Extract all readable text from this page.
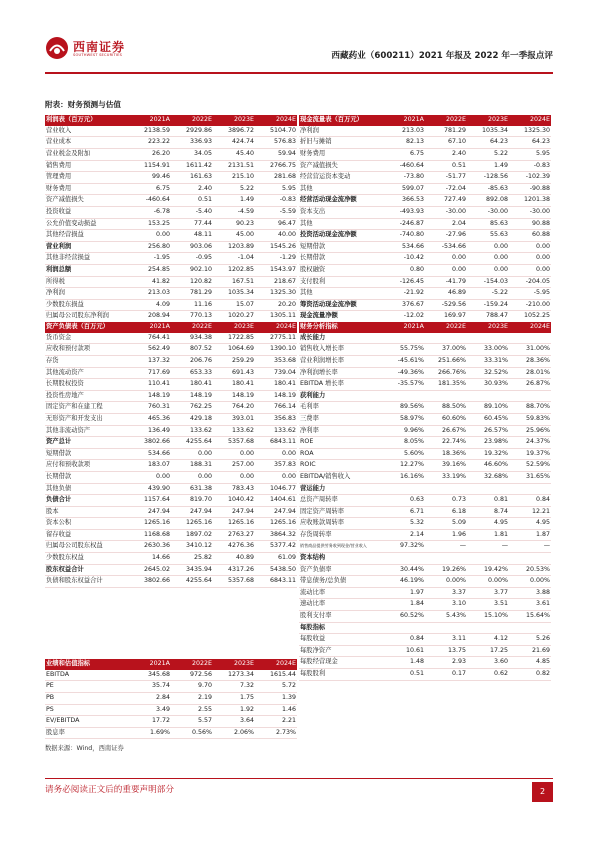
西南证券
SOUTHWEST SECURITIES	西藏药业（600211）2021 年报及 2022 年一季报点评
附表：财务预测与估值
利润表（百万元）	2021A	2022E	2023E	2024E
营业收入	2138.59	2929.86	3896.72	5104.70
营业成本	223.22	336.93	424.74	576.83
营业税金及附加	26.20	34.05	45.40	59.94
销售费用	1154.91	1611.42	2131.51	2766.75
管理费用	99.46	161.63	215.10	281.68
财务费用	6.75	2.40	5.22	5.95
资产减值损失	-460.64	0.51	1.49	-0.83
投资收益	-6.78	-5.40	-4.59	-5.59
公允价值变动损益	153.25	77.44	90.23	96.47
其他经营损益	0.00	48.11	45.00	40.00
营业利润	256.80	903.06	1203.89	1545.26
其他非经营损益	-1.95	-0.95	-1.04	-1.29
利润总额	254.85	902.10	1202.85	1543.97
所得税	41.82	120.82	167.51	218.67
净利润	213.03	781.29	1035.34	1325.30
少数股东损益	4.09	11.16	15.07	20.20
归属母公司股东净利润	208.94	770.13	1020.27	1305.11
现金流量表（百万元）	2021A	2022E	2023E	2024E
净利润	213.03	781.29	1035.34	1325.30
折旧与摊销	82.13	67.10	64.23	64.23
财务费用	6.75	2.40	5.22	5.95
资产减值损失	-460.64	0.51	1.49	-0.83
经营营运资本变动	-73.80	-51.77	-128.56	-102.39
其他	599.07	-72.04	-85.63	-90.88
经营活动现金流净额	366.53	727.49	892.08	1201.38
资本支出	-493.93	-30.00	-30.00	-30.00
其他	-246.87	2.04	85.63	90.88
投资活动现金流净额	-740.80	-27.96	55.63	60.88
短期借款	534.66	-534.66	0.00	0.00
长期借款	-10.42	0.00	0.00	0.00
股权融资	0.80	0.00	0.00	0.00
支付股利	-126.45	-41.79	-154.03	-204.05
其他	-21.92	46.89	-5.22	-5.95
筹资活动现金流净额	376.67	-529.56	-159.24	-210.00
现金流量净额	-12.02	169.97	788.47	1052.25
资产负债表（百万元）	2021A	2022E	2023E	2024E
货币资金	764.41	934.38	1722.85	2775.11
应收和预付款项	562.49	807.52	1064.69	1390.10
存货	137.32	206.76	259.29	353.68
其他流动资产	717.69	653.33	691.43	739.04
长期股权投资	110.41	180.41	180.41	180.41
投资性房地产	148.19	148.19	148.19	148.19
固定资产和在建工程	760.31	762.25	764.20	766.14
无形资产和开发支出	465.36	429.18	393.01	356.83
其他非流动资产	136.49	133.62	133.62	133.62
资产总计	3802.66	4255.64	5357.68	6843.11
短期借款	534.66	0.00	0.00	0.00
应付和预收款项	183.07	188.31	257.00	357.83
长期借款	0.00	0.00	0.00	0.00
其他负债	439.90	631.38	783.43	1046.77
负债合计	1157.64	819.70	1040.42	1404.61
股本	247.94	247.94	247.94	247.94
资本公积	1265.16	1265.16	1265.16	1265.16
留存收益	1168.68	1897.02	2763.27	3864.32
归属母公司股东权益	2630.36	3410.12	4276.36	5377.42
少数股东权益	14.66	25.82	40.89	61.09
股东权益合计	2645.02	3435.94	4317.26	5438.50
负债和股东权益合计	3802.66	4255.64	5357.68	6843.11
业绩和估值指标	2021A	2022E	2023E	2024E
EBITDA	345.68	972.56	1273.34	1615.44
PE	35.74	9.70	7.32	5.72
PB	2.84	2.19	1.75	1.39
PS	3.49	2.55	1.92	1.46
EV/EBITDA	17.72	5.57	3.64	2.21
股息率	1.69%	0.56%	2.06%	2.73%
财务分析指标	2021A	2022E	2023E	2024E
成长能力				
销售收入增长率	55.75%	37.00%	33.00%	31.00%
营业利润增长率	-45.61%	251.66%	33.31%	28.36%
净利润增长率	-49.36%	266.76%	32.52%	28.01%
EBITDA 增长率	-35.57%	181.35%	30.93%	26.87%
获利能力				
毛利率	89.56%	88.50%	89.10%	88.70%
三费率	58.97%	60.60%	60.45%	59.83%
净利率	9.96%	26.67%	26.57%	25.96%
ROE	8.05%	22.74%	23.98%	24.37%
ROA	5.60%	18.36%	19.32%	19.37%
ROIC	12.27%	39.16%	46.60%	52.59%
EBITDA/销售收入	16.16%	33.19%	32.68%	31.65%
营运能力				
总资产周转率	0.63	0.73	0.81	0.84
固定资产周转率	6.71	6.18	8.74	12.21
应收账款周转率	5.32	5.09	4.95	4.95
存货周转率	2.14	1.96	1.81	1.87
销售商品提供劳务收到现金/营业收入	97.32%	—	—	—
资本结构				
资产负债率	30.44%	19.26%	19.42%	20.53%
带息债务/总负债	46.19%	0.00%	0.00%	0.00%
流动比率	1.97	3.37	3.77	3.88
速动比率	1.84	3.10	3.51	3.61
股利支付率	60.52%	5.43%	15.10%	15.64%
每股指标				
每股收益	0.84	3.11	4.12	5.26
每股净资产	10.61	13.75	17.25	21.69
每股经营现金	1.48	2.93	3.60	4.85
每股股利	0.51	0.17	0.62	0.82
数据来源：Wind，西南证券
请务必阅读正文后的重要声明部分	2
